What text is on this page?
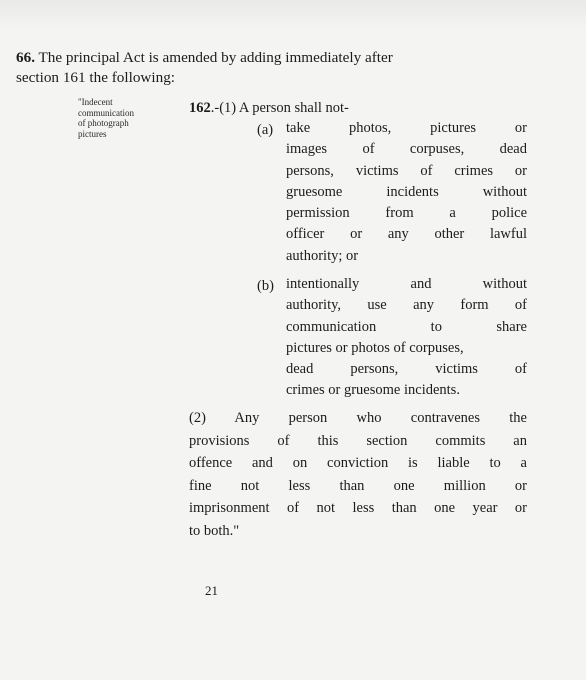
66. The principal Act is amended by adding immediately after
section 161 the following:

"Indecent
communication
of photograph
pictures
162.-(1) A person shall not-
(a) take photos, pictures or
images of corpuses, dead
persons, victims of crimes or
gruesome incidents without
permission from a police
officer or any other lawful
authority; or
(b) intentionally and without
authority, use any form of
communication to share
pictures or photos of corpuses,
dead persons, victims of
crimes or gruesome incidents.
(2) Any person who contravenes the
provisions of this section commits an
offence and on conviction is liable to a
fine not less than one million or
imprisonment of not less than one year or
to both."
21
